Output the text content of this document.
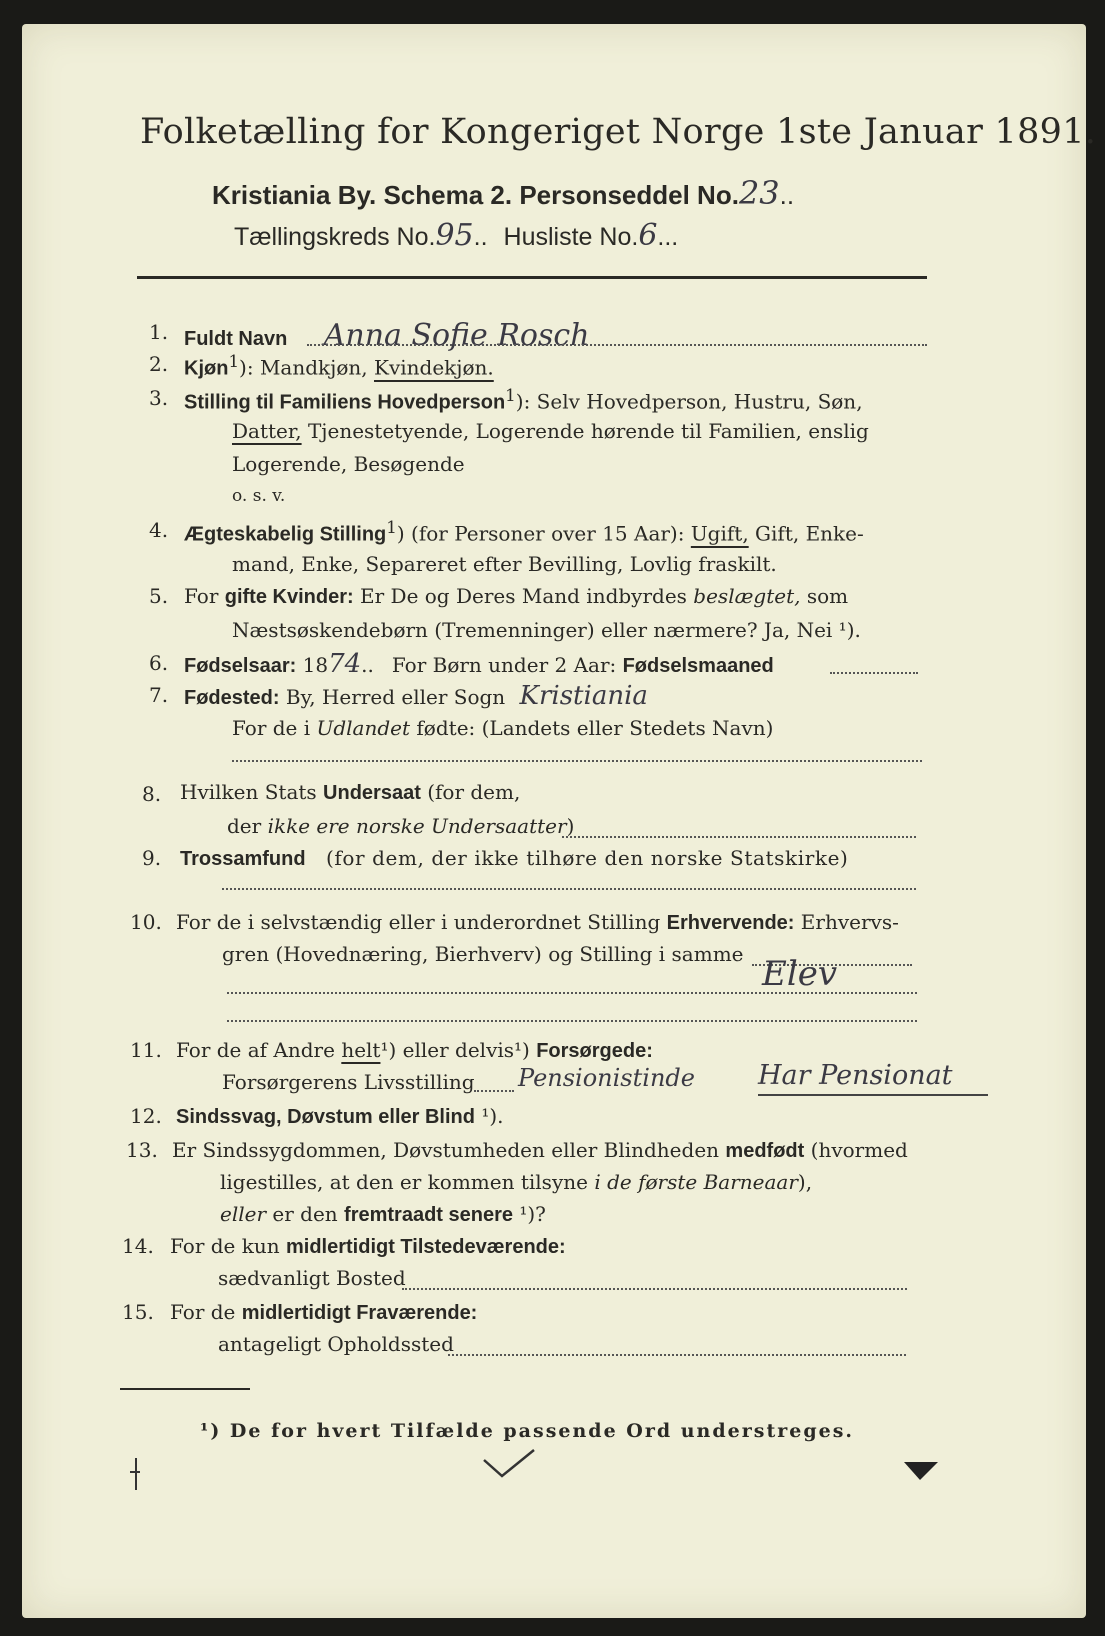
Folketælling for Kongeriget Norge 1ste Januar 1891.
Kristiania By. Schema 2. Personseddel No.23..
Tællingskreds No.95.. Husliste No.6...
1. Fuldt Navn Anna Sofie Rosch
2. Kjøn$^1$): Mandkjøn, Kvindekjøn.
3. Stilling til Familiens Hovedperson$^1$): Selv Hovedperson, Hustru, Søn,
Datter, Tjenestetyende, Logerende hørende til Familien, enslig
Logerende, Besøgende
o. s. v.
4. Ægteskabelig Stilling$^1$) (for Personer over 15 Aar): Ugift, Gift, Enke-
mand, Enke, Separeret efter Bevilling, Lovlig fraskilt.
5. For gifte Kvinder: Er De og Deres Mand indbyrdes beslægtet, som
Næstsøskendebørn (Tremenninger) eller nærmere? Ja, Nei ¹).
6. Fødselsaar: 1874.. For Børn under 2 Aar: Fødselsmaaned
7. Fødested: By, Herred eller Sogn Kristiania
For de i Udlandet fødte: (Landets eller Stedets Navn)
8. Hvilken Stats Undersaat (for dem,
der ikke ere norske Undersaatter)
9. Trossamfund (for dem, der ikke tilhøre den norske Statskirke)
10. For de i selvstændig eller i underordnet Stilling Erhvervende: Erhvervs-
gren (Hovednæring, Bierhverv) og Stilling i samme Elev
11. For de af Andre helt¹) eller delvis¹) Forsørgede:
Forsørgerens Livsstilling Pensionistinde Har Pensionat
12. Sindssvag, Døvstum eller Blind ¹).
13. Er Sindssygdommen, Døvstumheden eller Blindheden medfødt (hvormed
ligestilles, at den er kommen tilsyne i de første Barneaar),
eller er den fremtraadt senere ¹)?
14. For de kun midlertidigt Tilstedeværende:
sædvanligt Bosted
15. For de midlertidigt Fraværende:
antageligt Opholdssted
¹) De for hvert Tilfælde passende Ord understreges.
